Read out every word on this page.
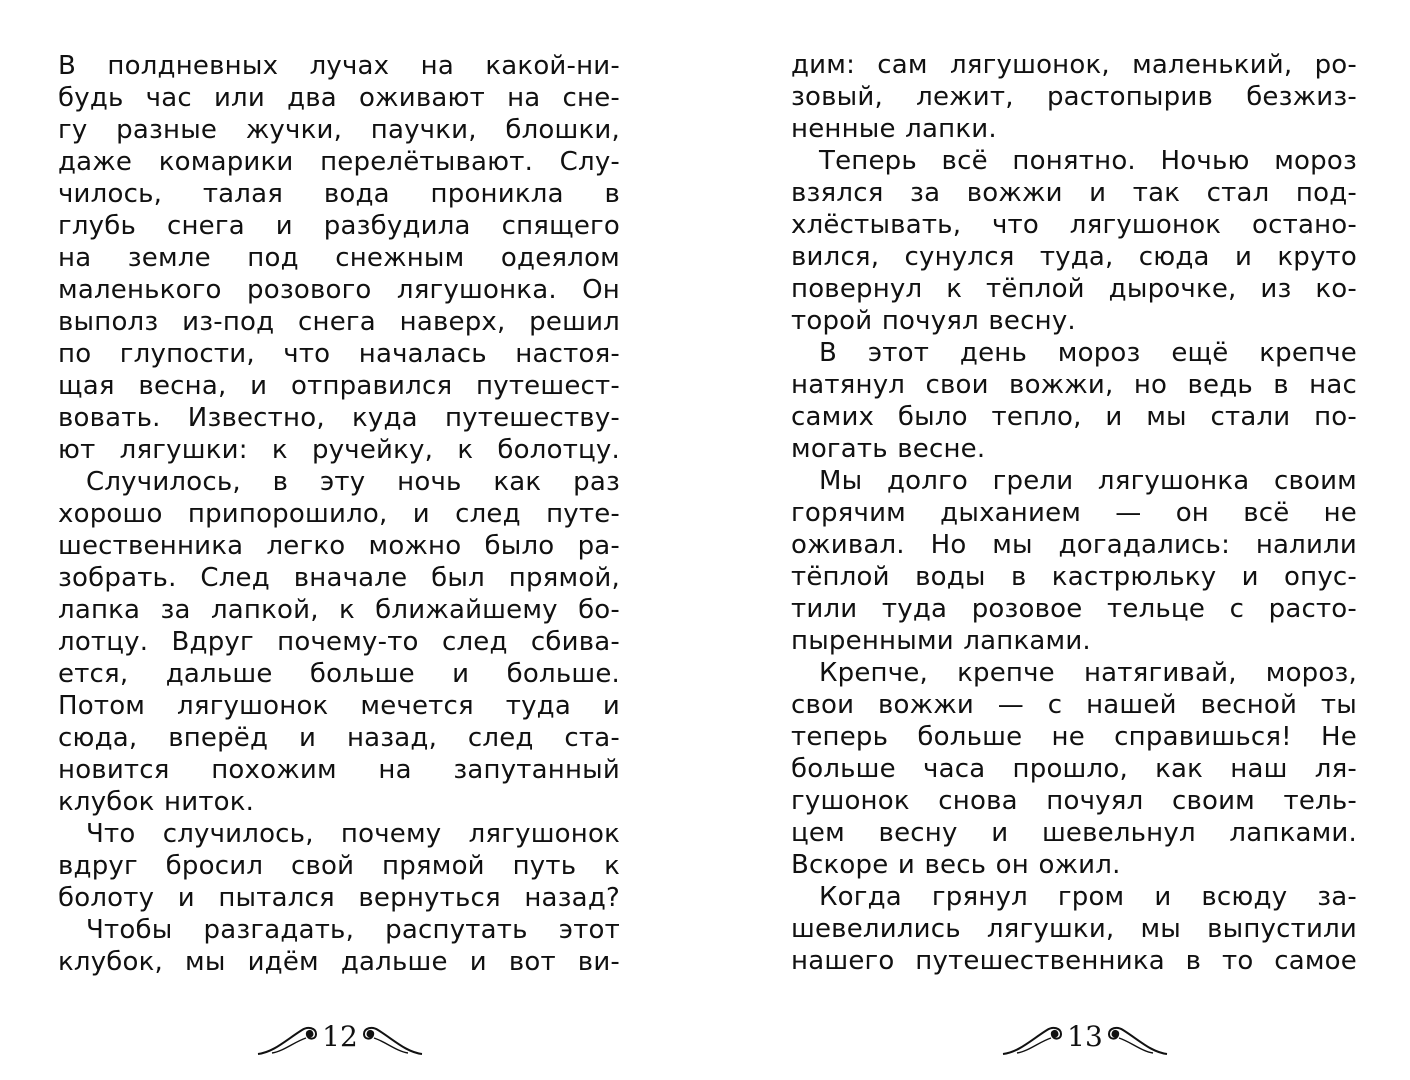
В полдневных лучах на какой-ни-
будь час или два оживают на сне-
гу разные жучки, паучки, блошки,
даже комарики перелётывают. Слу-
чилось, талая вода проникла в
глубь снега и разбудила спящего
на земле под снежным одеялом
маленького розового лягушонка. Он
выполз из-под снега наверх, решил
по глупости, что началась настоя-
щая весна, и отправился путешест-
вовать. Известно, куда путешеству-
ют лягушки: к ручейку, к болотцу.
Случилось, в эту ночь как раз
хорошо припорошило, и след путе-
шественника легко можно было ра-
зобрать. След вначале был прямой,
лапка за лапкой, к ближайшему бо-
лотцу. Вдруг почему-то след сбива-
ется, дальше больше и больше.
Потом лягушонок мечется туда и
сюда, вперёд и назад, след ста-
новится похожим на запутанный
клубок ниток.
Что случилось, почему лягушонок
вдруг бросил свой прямой путь к
болоту и пытался вернуться назад?
Чтобы разгадать, распутать этот
клубок, мы идём дальше и вот ви-
12
дим: сам лягушонок, маленький, ро-
зовый, лежит, растопырив безжиз-
ненные лапки.
Теперь всё понятно. Ночью мороз
взялся за вожжи и так стал под-
хлёстывать, что лягушонок остано-
вился, сунулся туда, сюда и круто
повернул к тёплой дырочке, из ко-
торой почуял весну.
В этот день мороз ещё крепче
натянул свои вожжи, но ведь в нас
самих было тепло, и мы стали по-
могать весне.
Мы долго грели лягушонка своим
горячим дыханием — он всё не
оживал. Но мы догадались: налили
тёплой воды в кастрюльку и опус-
тили туда розовое тельце с расто-
пыренными лапками.
Крепче, крепче натягивай, мороз,
свои вожжи — с нашей весной ты
теперь больше не справишься! Не
больше часа прошло, как наш ля-
гушонок снова почуял своим тель-
цем весну и шевельнул лапками.
Вскоре и весь он ожил.
Когда грянул гром и всюду за-
шевелились лягушки, мы выпустили
нашего путешественника в то самое
13
